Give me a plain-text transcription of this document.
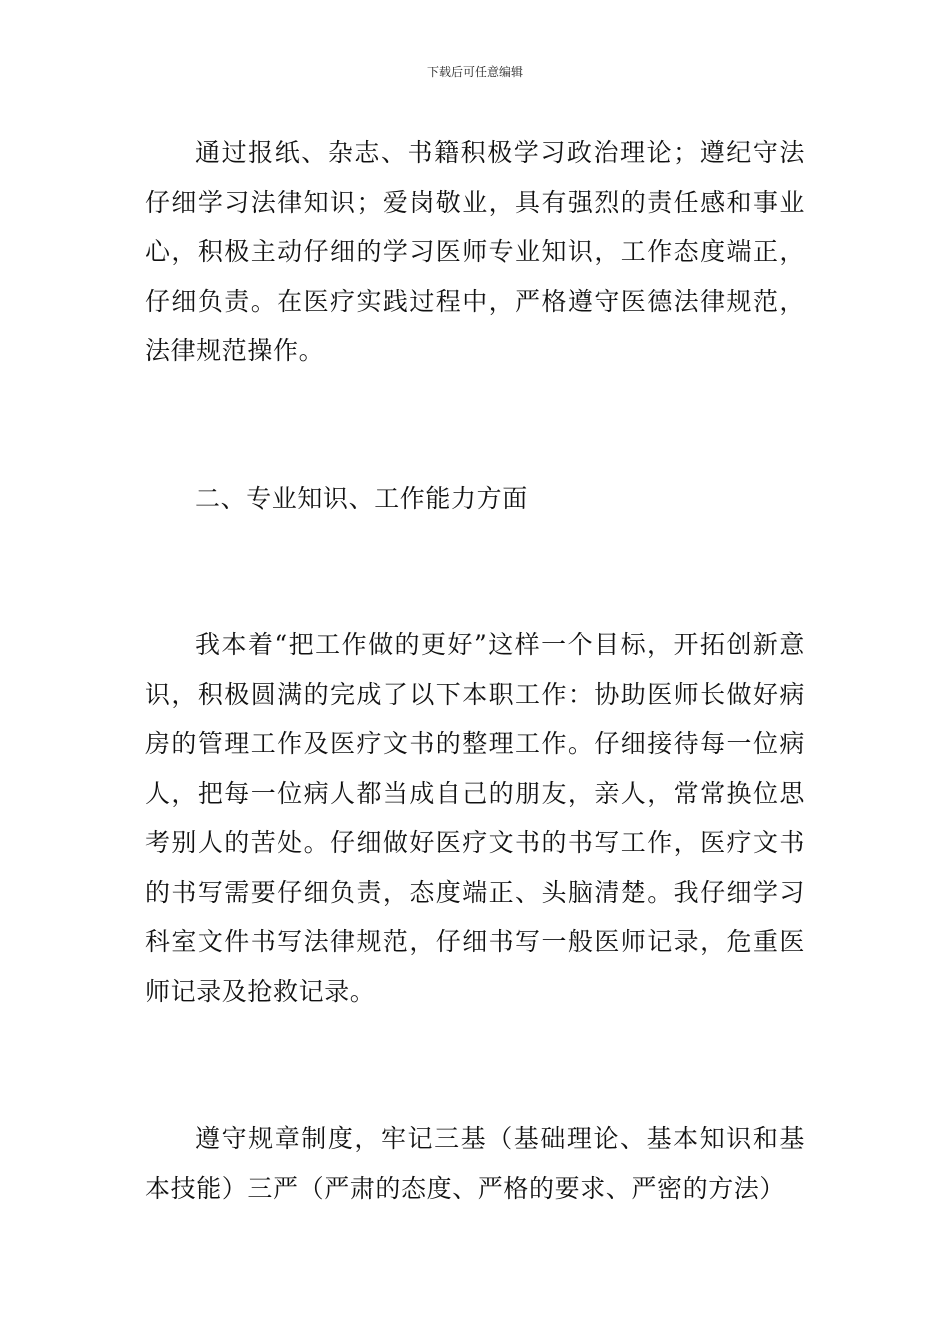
下载后可任意编辑

通过报纸、杂志、书籍积极学习政治理论；遵纪守法仔细学习法律知识；爱岗敬业，具有强烈的责任感和事业心，积极主动仔细的学习医师专业知识，工作态度端正，仔细负责。在医疗实践过程中，严格遵守医德法律规范，法律规范操作。

二、专业知识、工作能力方面

我本着“把工作做的更好”这样一个目标，开拓创新意识，积极圆满的完成了以下本职工作：协助医师长做好病房的管理工作及医疗文书的整理工作。仔细接待每一位病人，把每一位病人都当成自己的朋友，亲人，常常换位思考别人的苦处。仔细做好医疗文书的书写工作，医疗文书的书写需要仔细负责，态度端正、头脑清楚。我仔细学习科室文件书写法律规范，仔细书写一般医师记录，危重医师记录及抢救记录。

遵守规章制度，牢记三基（基础理论、基本知识和基本技能）三严（严肃的态度、严格的要求、严密的方法）
